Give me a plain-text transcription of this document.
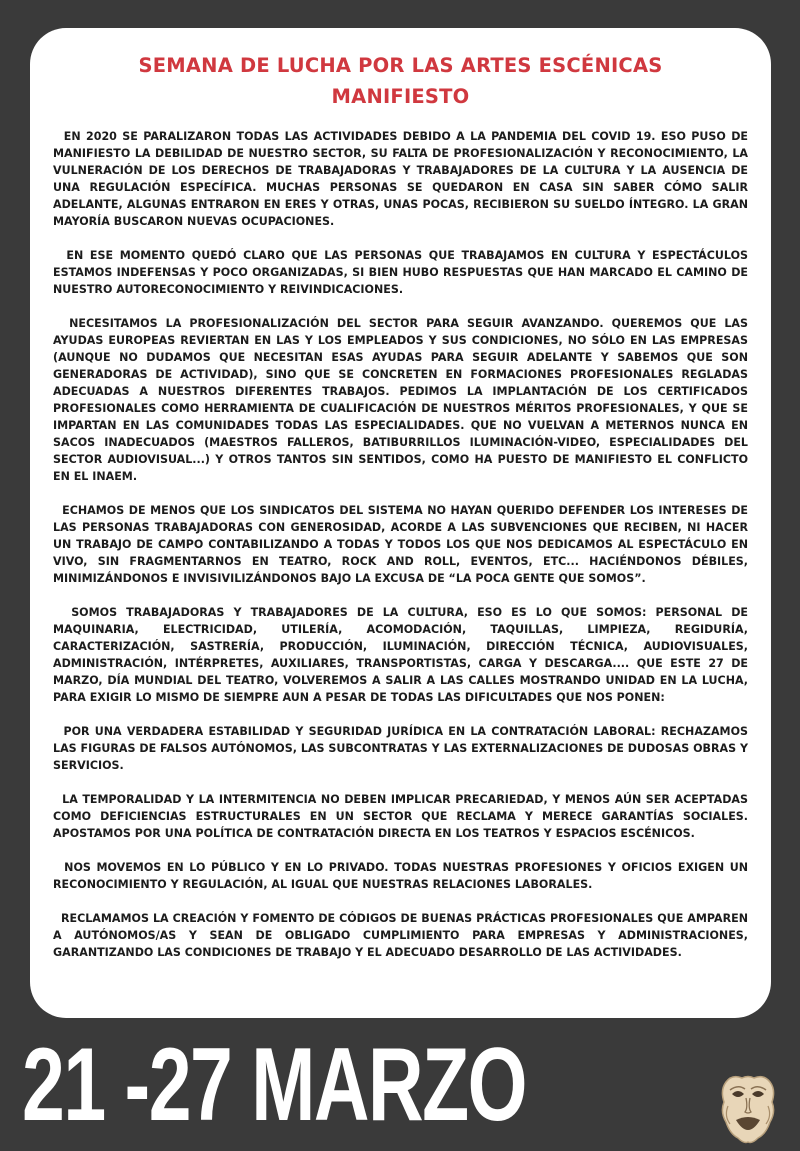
SEMANA DE LUCHA POR LAS ARTES ESCÉNICAS
MANIFIESTO

EN 2020 SE PARALIZARON TODAS LAS ACTIVIDADES DEBIDO A LA PANDEMIA DEL COVID 19. ESO PUSO DE MANIFIESTO LA DEBILIDAD DE NUESTRO SECTOR, SU FALTA DE PROFESIONALIZACIÓN Y RECONOCIMIENTO, LA VULNERACIÓN DE LOS DERECHOS DE TRABAJADORAS Y TRABAJADORES DE LA CULTURA Y LA AUSENCIA DE UNA REGULACIÓN ESPECÍFICA. MUCHAS PERSONAS SE QUEDARON EN CASA SIN SABER CÓMO SALIR ADELANTE, ALGUNAS ENTRARON EN ERES Y OTRAS, UNAS POCAS, RECIBIERON SU SUELDO ÍNTEGRO. LA GRAN MAYORÍA BUSCARON NUEVAS OCUPACIONES.

EN ESE MOMENTO QUEDÓ CLARO QUE LAS PERSONAS QUE TRABAJAMOS EN CULTURA Y ESPECTÁCULOS ESTAMOS INDEFENSAS Y POCO ORGANIZADAS, SI BIEN HUBO RESPUESTAS QUE HAN MARCADO EL CAMINO DE NUESTRO AUTORECONOCIMIENTO Y REIVINDICACIONES.

NECESITAMOS LA PROFESIONALIZACIÓN DEL SECTOR PARA SEGUIR AVANZANDO. QUEREMOS QUE LAS AYUDAS EUROPEAS REVIERTAN EN LAS Y LOS EMPLEADOS Y SUS CONDICIONES, NO SÓLO EN LAS EMPRESAS (AUNQUE NO DUDAMOS QUE NECESITAN ESAS AYUDAS PARA SEGUIR ADELANTE Y SABEMOS QUE SON GENERADORAS DE ACTIVIDAD), SINO QUE SE CONCRETEN EN FORMACIONES PROFESIONALES REGLADAS ADECUADAS A NUESTROS DIFERENTES TRABAJOS. PEDIMOS LA IMPLANTACIÓN DE LOS CERTIFICADOS PROFESIONALES COMO HERRAMIENTA DE CUALIFICACIÓN DE NUESTROS MÉRITOS PROFESIONALES, Y QUE SE IMPARTAN EN LAS COMUNIDADES TODAS LAS ESPECIALIDADES. QUE NO VUELVAN A METERNOS NUNCA EN SACOS INADECUADOS (MAESTROS FALLEROS, BATIBURRILLOS ILUMINACIÓN-VIDEO, ESPECIALIDADES DEL SECTOR AUDIOVISUAL...) Y OTROS TANTOS SIN SENTIDOS, COMO HA PUESTO DE MANIFIESTO EL CONFLICTO EN EL INAEM.

ECHAMOS DE MENOS QUE LOS SINDICATOS DEL SISTEMA NO HAYAN QUERIDO DEFENDER LOS INTERESES DE LAS PERSONAS TRABAJADORAS CON GENEROSIDAD, ACORDE A LAS SUBVENCIONES QUE RECIBEN, NI HACER UN TRABAJO DE CAMPO CONTABILIZANDO A TODAS Y TODOS LOS QUE NOS DEDICAMOS AL ESPECTÁCULO EN VIVO, SIN FRAGMENTARNOS EN TEATRO, ROCK AND ROLL, EVENTOS, ETC... HACIÉNDONOS DÉBILES, MINIMIZÁNDONOS E INVISIVILIZÁNDONOS BAJO LA EXCUSA DE “LA POCA GENTE QUE SOMOS”.

SOMOS TRABAJADORAS Y TRABAJADORES DE LA CULTURA, ESO ES LO QUE SOMOS: PERSONAL DE MAQUINARIA, ELECTRICIDAD, UTILERÍA, ACOMODACIÓN, TAQUILLAS, LIMPIEZA, REGIDURÍA, CARACTERIZACIÓN, SASTRERÍA, PRODUCCIÓN, ILUMINACIÓN, DIRECCIÓN TÉCNICA, AUDIOVISUALES, ADMINISTRACIÓN, INTÉRPRETES, AUXILIARES, TRANSPORTISTAS, CARGA Y DESCARGA.... QUE ESTE 27 DE MARZO, DÍA MUNDIAL DEL TEATRO, VOLVEREMOS A SALIR A LAS CALLES MOSTRANDO UNIDAD EN LA LUCHA, PARA EXIGIR LO MISMO DE SIEMPRE AUN A PESAR DE TODAS LAS DIFICULTADES QUE NOS PONEN:

POR UNA VERDADERA ESTABILIDAD Y SEGURIDAD JURÍDICA EN LA CONTRATACIÓN LABORAL: RECHAZAMOS LAS FIGURAS DE FALSOS AUTÓNOMOS, LAS SUBCONTRATAS Y LAS EXTERNALIZACIONES DE DUDOSAS OBRAS Y SERVICIOS.

LA TEMPORALIDAD Y LA INTERMITENCIA NO DEBEN IMPLICAR PRECARIEDAD, Y MENOS AÚN SER ACEPTADAS COMO DEFICIENCIAS ESTRUCTURALES EN UN SECTOR QUE RECLAMA Y MERECE GARANTÍAS SOCIALES. APOSTAMOS POR UNA POLÍTICA DE CONTRATACIÓN DIRECTA EN LOS TEATROS Y ESPACIOS ESCÉNICOS.

NOS MOVEMOS EN LO PÚBLICO Y EN LO PRIVADO. TODAS NUESTRAS PROFESIONES Y OFICIOS EXIGEN UN RECONOCIMIENTO Y REGULACIÓN, AL IGUAL QUE NUESTRAS RELACIONES LABORALES.

RECLAMAMOS LA CREACIÓN Y FOMENTO DE CÓDIGOS DE BUENAS PRÁCTICAS PROFESIONALES QUE AMPAREN A AUTÓNOMOS/AS Y SEAN DE OBLIGADO CUMPLIMIENTO PARA EMPRESAS Y ADMINISTRACIONES, GARANTIZANDO LAS CONDICIONES DE TRABAJO Y EL ADECUADO DESARROLLO DE LAS ACTIVIDADES.

21 -27 MARZO
